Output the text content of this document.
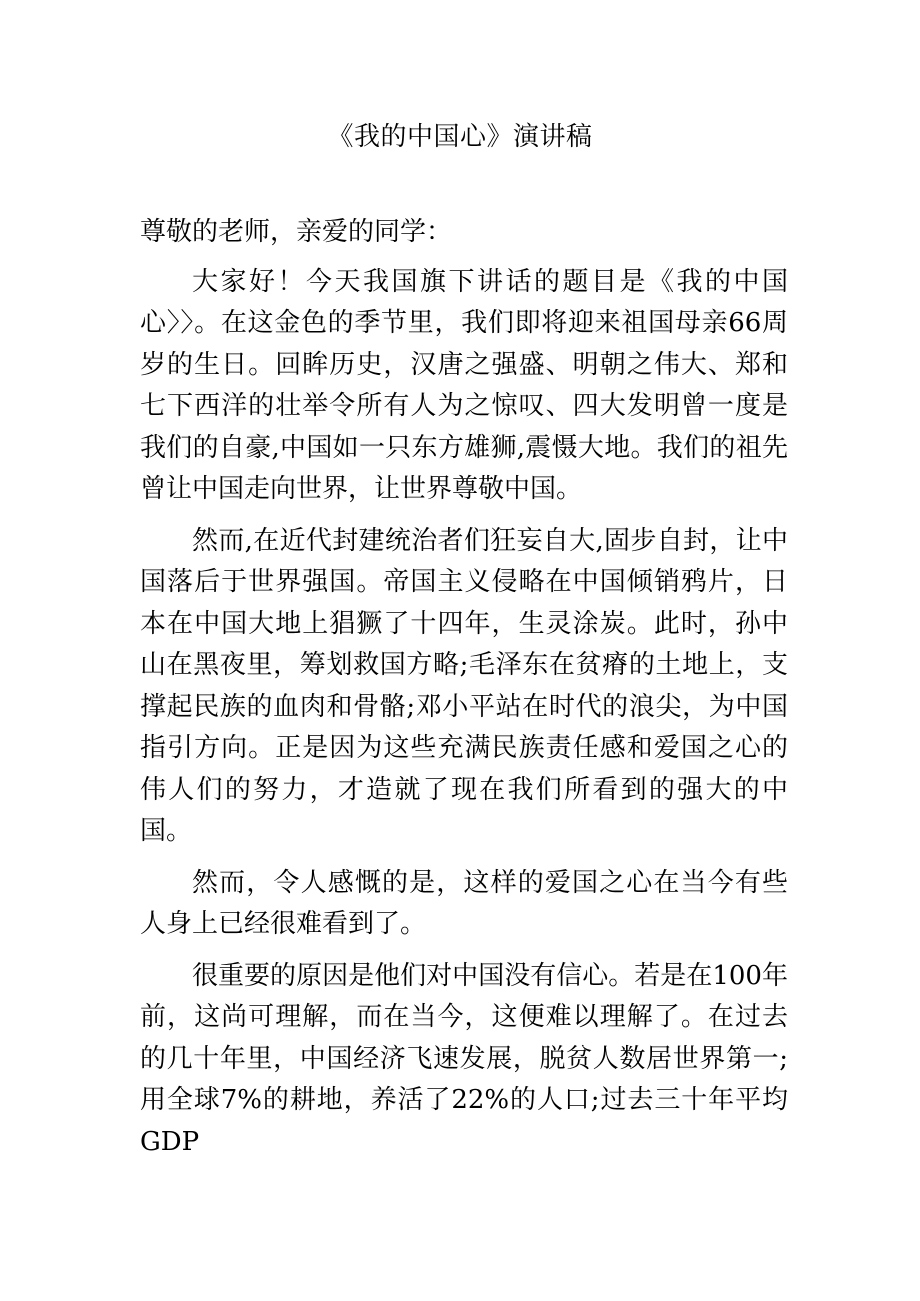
《我的中国心》演讲稿

尊敬的老师，亲爱的同学：

大家好！今天我国旗下讲话的题目是《我的中国心〉〉。在这金色的季节里，我们即将迎来祖国母亲66周岁的生日。回眸历史，汉唐之强盛、明朝之伟大、郑和七下西洋的壮举令所有人为之惊叹、四大发明曾一度是我们的自豪,中国如一只东方雄狮,震慑大地。我们的祖先曾让中国走向世界，让世界尊敬中国。

然而,在近代封建统治者们狂妄自大,固步自封，让中国落后于世界强国。帝国主义侵略在中国倾销鸦片，日本在中国大地上猖獗了十四年，生灵涂炭。此时，孙中山在黑夜里，筹划救国方略;毛泽东在贫瘠的土地上，支撑起民族的血肉和骨骼;邓小平站在时代的浪尖，为中国指引方向。正是因为这些充满民族责任感和爱国之心的伟人们的努力，才造就了现在我们所看到的强大的中国。

然而，令人感慨的是，这样的爱国之心在当今有些人身上已经很难看到了。

很重要的原因是他们对中国没有信心。若是在100年前，这尚可理解，而在当今，这便难以理解了。在过去的几十年里，中国经济飞速发展，脱贫人数居世界第一;用全球7%的耕地，养活了22%的人口;过去三十年平均GDP
